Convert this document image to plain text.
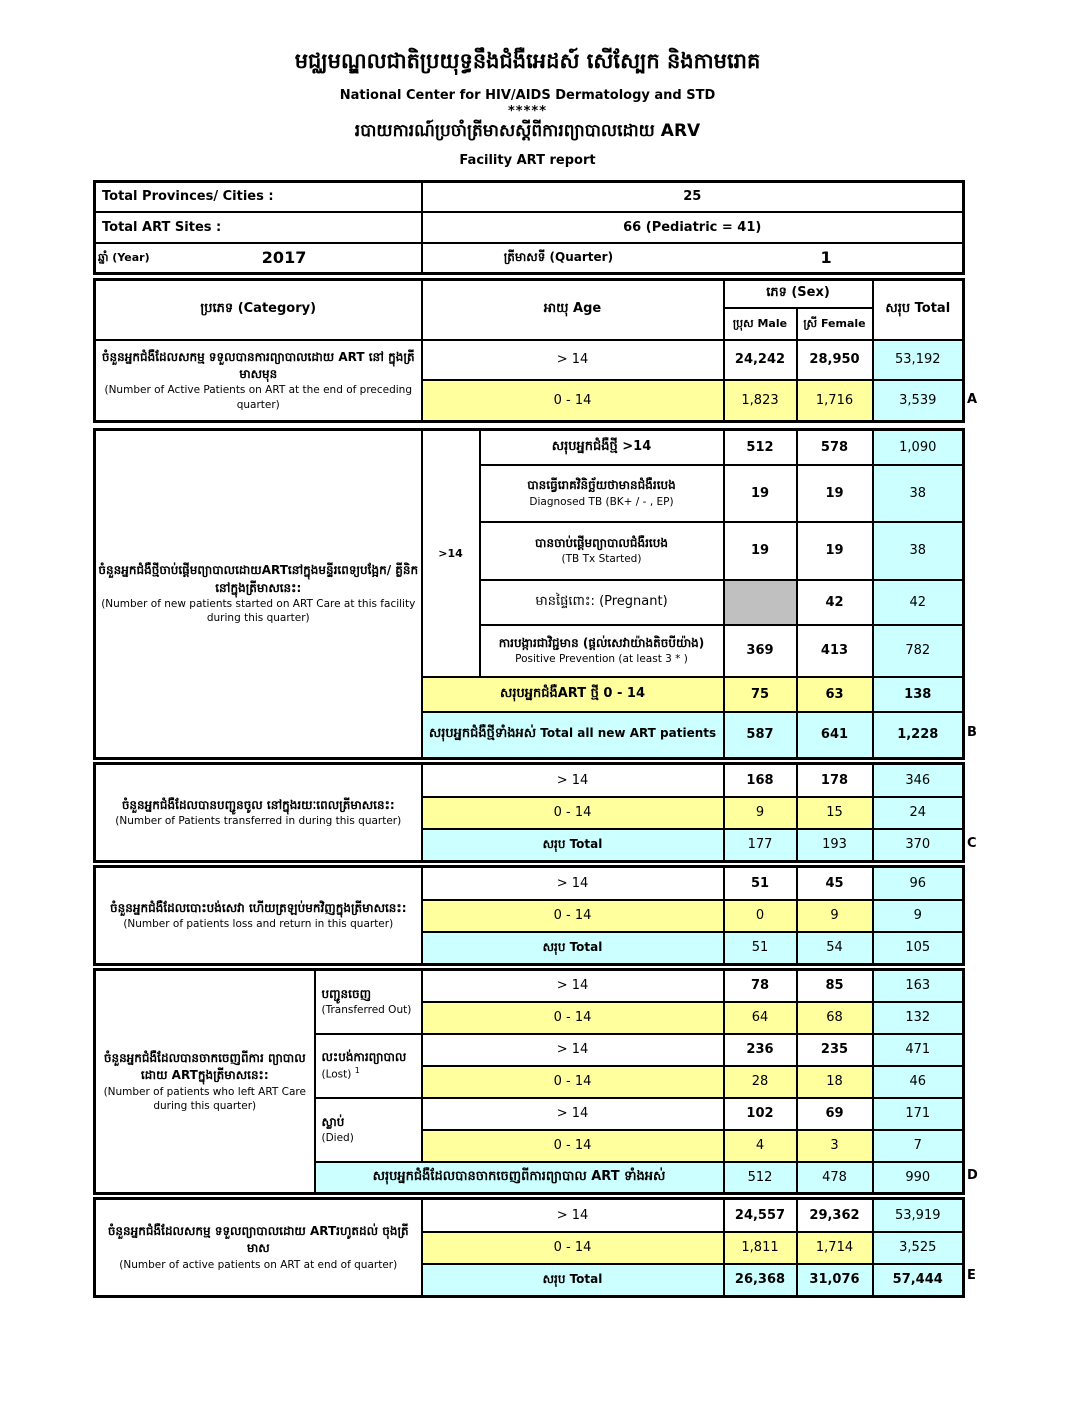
មជ្ឈមណ្ឌលជាតិប្រយុទ្ធនឹងជំងឺអេដស៍ សើស្បែក និងកាមរោគ
National Center for HIV/AIDS Dermatology and STD
*****
របាយការណ៍ប្រចាំត្រីមាសស្តីពីការព្យាបាលដោយ ARV
Facility ART report
Total Provinces/ Cities :	25
Total ART Sites :	66 (Pediatric = 41)

ឆ្នាំ (Year) 2017	ត្រីមាសទី (Quarter) 1
ប្រភេទ (Category)	អាយុ Age	ភេទ (Sex)		សរុប Total
		ប្រុស Male	ស្រី Female	

ចំនួនអ្នកជំងឺដែលសកម្ម ទទួលបានការព្យាបាលដោយ ART នៅ ក្នុងត្រីមាសមុន
(Number of Active Patients on ART at the end of preceding quarter)	> 14	24,242	28,950	53,192
	0 - 14	1,823	1,716	3,539 A
ចំនួនអ្នកជំងឺថ្មីចាប់ផ្តើមព្យាបាលដោយARTនៅក្នុងមន្ទីរពេទ្យបង្អែក/ គ្លីនិក នៅក្នុងត្រីមាសនេះ:
(Number of new patients started on ART Care at this facility during this quarter)	>14	សរុបអ្នកជំងឺថ្មី >14	512	578	1,090

		បានធ្វើរោគវិនិច្ឆ័យថាមានជំងឺរបេង
Diagnosed TB (BK+ / - , EP)	19	19	38

		បានចាប់ផ្តើមព្យាបាលជំងឺរបេង
(TB Tx Started)	19	19	38
		មានផ្ទៃពោះ: (Pregnant)		42	42

		ការបង្ការជាវិជ្ជមាន (ផ្តល់សេវាយ៉ាងតិចបីយ៉ាង)
Positive Prevention (at least 3 * )	369	413	782
	សរុបអ្នកជំងឺART ថ្មី 0 - 14		75	63	138
	សរុបអ្នកជំងឺថ្មីទាំងអស់ Total all new ART patients		587	641	1,228 B
ចំនួនអ្នកជំងឺដែលបានបញ្ជូនចូល នៅក្នុងរយៈពេលត្រីមាសនេះ:
(Number of Patients transferred in during this quarter)	> 14	168	178	346
	0 - 14	9	15	24
	សរុប Total	177	193	370	C
ចំនួនអ្នកជំងឺដែលបោះបង់សេវា ហើយត្រឡប់មកវិញក្នុងត្រីមាសនេះ:
(Number of patients loss and return in this quarter)	> 14	51	45	96
	0 - 14	0	9	9
	សរុប Total	51	54	105
ចំនួនអ្នកជំងឺដែលបានចាកចេញពីការ ព្យាបាល ដោយ ARTក្នុងត្រីមាសនេះ:
(Number of patients who left ART Care during this quarter)

បញ្ជូនចេញ
(Transferred Out)
	> 14	78	85	163
		0 - 14	64	68	132

	លះបង់ការព្យាបាល
(Lost) $^1$	> 14	236	235	471
		0 - 14	28	18	46

	ស្លាប់
(Died)	> 14	102	69	171
		0 - 14	4	3	7
	សរុបអ្នកជំងឺដែលបានចាកចេញពីការព្យាបាល ART ទាំងអស់		512	478	990	D
ចំនួនអ្នកជំងឺដែលសកម្ម ទទួលព្យាបាលដោយ ARTរហូតដល់ ចុងត្រីមាស
(Number of active patients on ART at end of quarter)	> 14	24,557	29,362	53,919
	0 - 14	1,811	1,714	3,525
	សរុប Total	26,368	31,076	57,444 E
